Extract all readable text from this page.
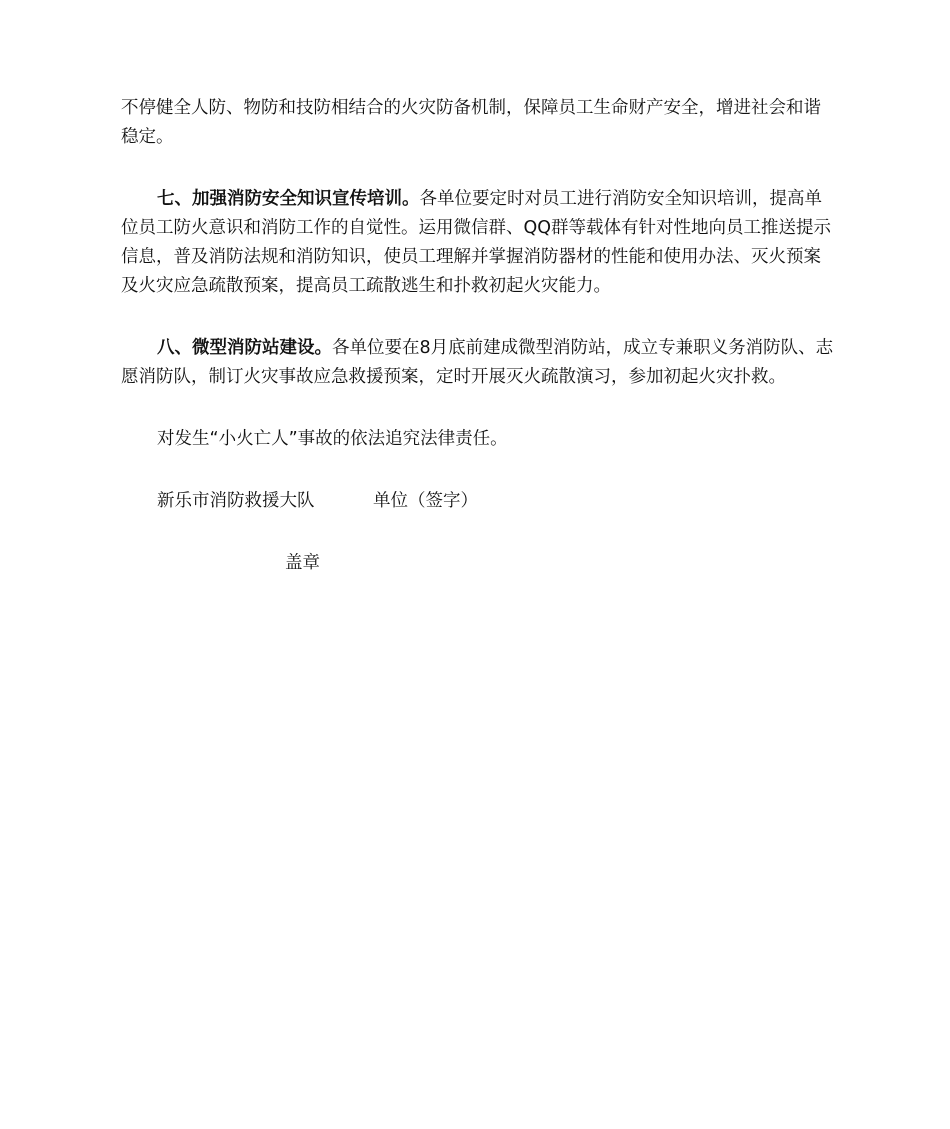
不停健全人防、物防和技防相结合的火灾防备机制，保障员工生命财产安全，增进社会和谐稳定。
七、加强消防安全知识宣传培训。各单位要定时对员工进行消防安全知识培训，提高单位员工防火意识和消防工作的自觉性。运用微信群、QQ群等载体有针对性地向员工推送提示信息，普及消防法规和消防知识，使员工理解并掌握消防器材的性能和使用办法、灭火预案及火灾应急疏散预案，提高员工疏散逃生和扑救初起火灾能力。
八、微型消防站建设。各单位要在8月底前建成微型消防站，成立专兼职义务消防队、志愿消防队，制订火灾事故应急救援预案，定时开展灭火疏散演习，参加初起火灾扑救。
对发生“小火亡人”事故的依法追究法律责任。
新乐市消防救援大队	单位（签字）
盖章
